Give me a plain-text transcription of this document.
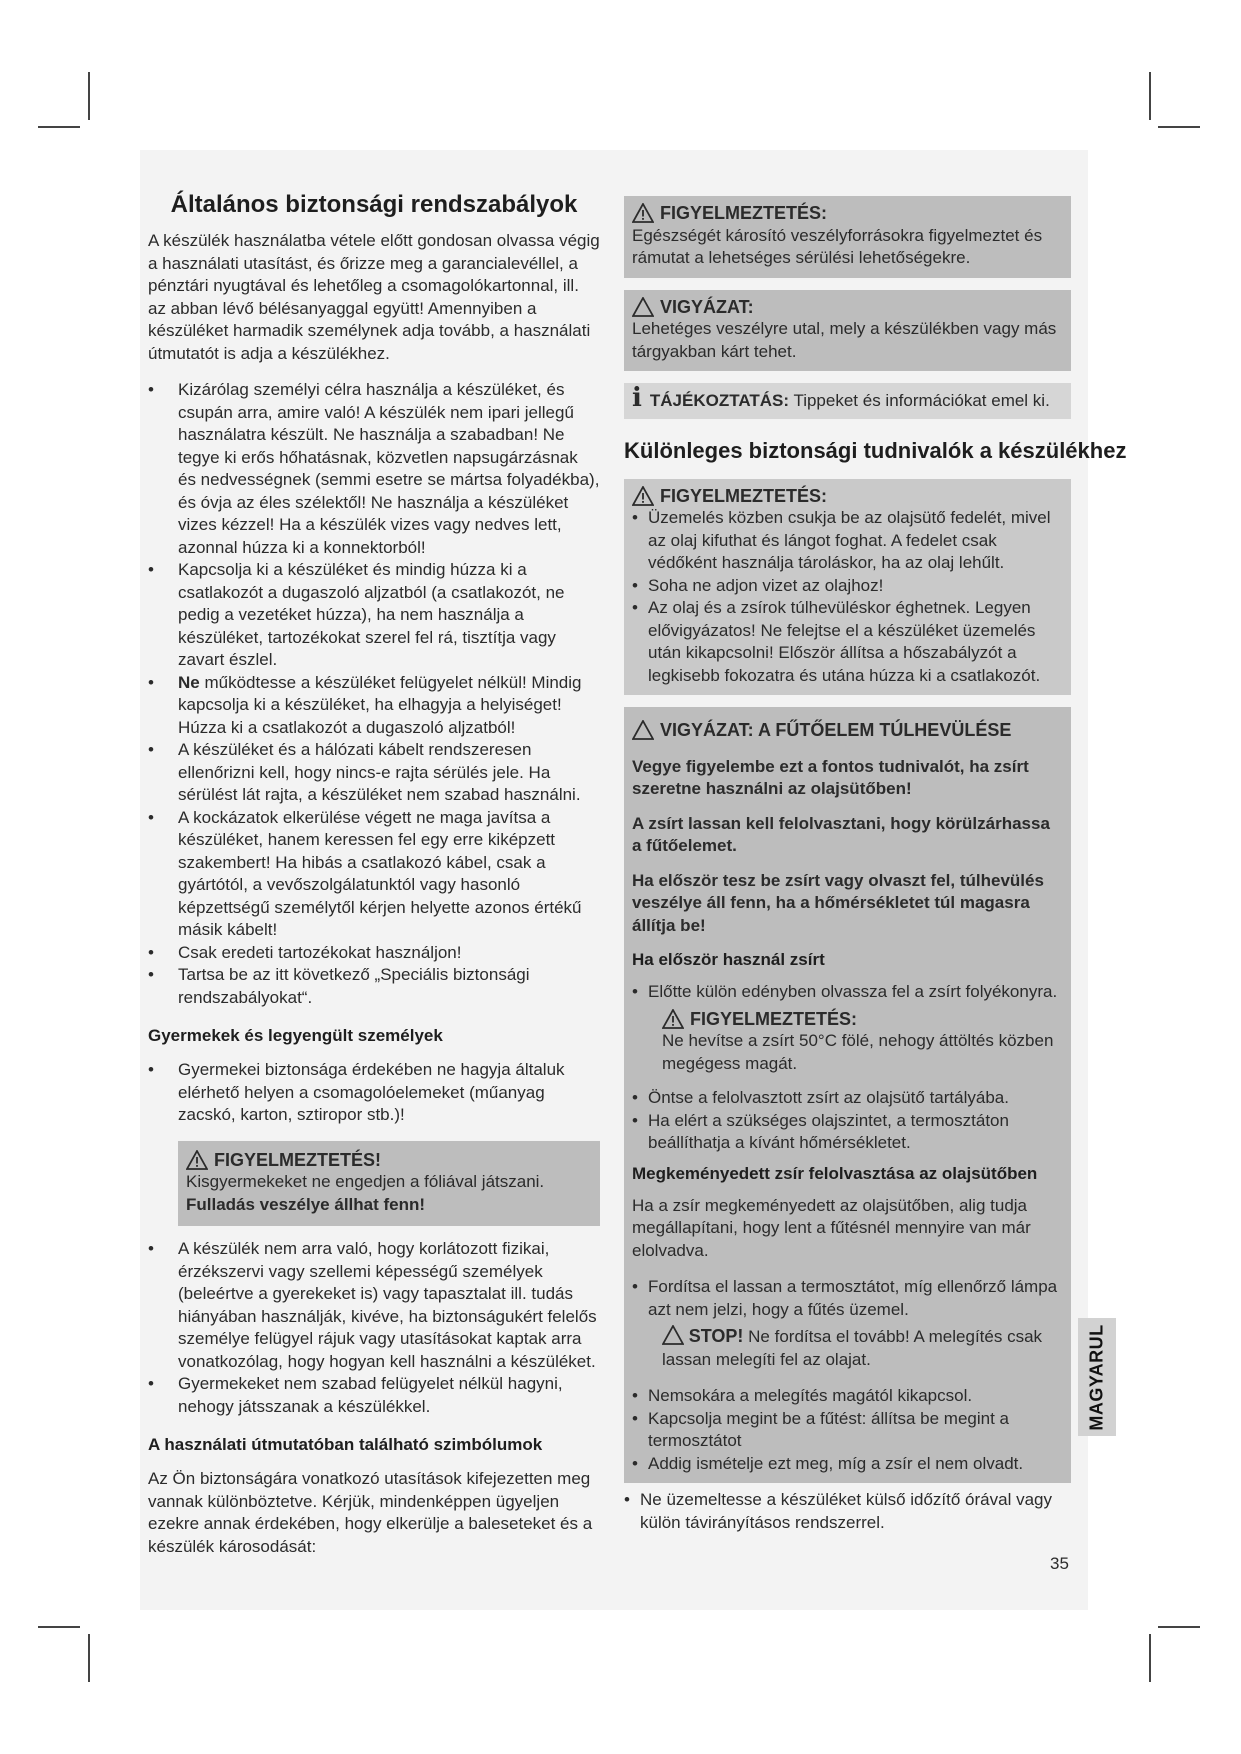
Általános biztonsági rendszabályok

A készülék használatba vétele előtt gondosan olvassa végig a használati utasítást, és őrizze meg a garancialevéllel, a pénztári nyugtával és lehetőleg a csomagolókartonnal, ill. az abban lévő bélésanyaggal együtt! Amennyiben a készüléket harmadik személynek adja tovább, a használati útmutatót is adja a készülékhez.

• Kizárólag személyi célra használja a készüléket, és csupán arra, amire való! A készülék nem ipari jellegű használatra készült. Ne használja a szabadban! Ne tegye ki erős hőhatásnak, közvetlen napsugárzásnak és nedvességnek (semmi esetre se mártsa folyadékba), és óvja az éles szélektől! Ne használja a készüléket vizes kézzel! Ha a készülék vizes vagy nedves lett, azonnal húzza ki a konnektorból!
• Kapcsolja ki a készüléket és mindig húzza ki a csatlakozót a dugaszoló aljzatból (a csatlakozót, ne pedig a vezetéket húzza), ha nem használja a készüléket, tartozékokat szerel fel rá, tisztítja vagy zavart észlel.
• Ne működtesse a készüléket felügyelet nélkül! Mindig kapcsolja ki a készüléket, ha elhagyja a helyiséget! Húzza ki a csatlakozót a dugaszoló aljzatból!
• A készüléket és a hálózati kábelt rendszeresen ellenőrizni kell, hogy nincs-e rajta sérülés jele. Ha sérülést lát rajta, a készüléket nem szabad használni.
• A kockázatok elkerülése végett ne maga javítsa a készüléket, hanem keressen fel egy erre kiképzett szakembert! Ha hibás a csatlakozó kábel, csak a gyártótól, a vevőszolgálatunktól vagy hasonló képzettségű személytől kérjen helyette azonos értékű másik kábelt!
• Csak eredeti tartozékokat használjon!
• Tartsa be az itt következő „Speciális biztonsági rendszabályokat“.
Gyermekek és legyengült személyek
• Gyermekei biztonsága érdekében ne hagyja általuk elérhető helyen a csomagolóelemeket (műanyag zacskó, karton, sztiropor stb.)!
FIGYELMEZTETÉS!
Kisgyermekeket ne engedjen a fóliával játszani. Fulladás veszélye állhat fenn!
• A készülék nem arra való, hogy korlátozott fizikai, érzékszervi vagy szellemi képességű személyek (beleértve a gyerekeket is) vagy tapasztalat ill. tudás hiányában használják, kivéve, ha biztonságukért felelős személye felügyel rájuk vagy utasításokat kaptak arra vonatkozólag, hogy hogyan kell használni a készüléket.
• Gyermekeket nem szabad felügyelet nélkül hagyni, nehogy játsszanak a készülékkel.
A használati útmutatóban található szimbólumok

Az Ön biztonságára vonatkozó utasítások kifejezetten meg vannak különböztetve. Kérjük, mindenképpen ügyeljen ezekre annak érdekében, hogy elkerülje a baleseteket és a készülék károsodását:

FIGYELMEZTETÉS:
Egészségét károsító veszélyforrásokra figyelmeztet és rámutat a lehetséges sérülési lehetőségekre.
VIGYÁZAT:
Lehetéges veszélyre utal, mely a készülékben vagy más tárgyakban kárt tehet.
iTÁJÉKOZTATÁS: Tippeket és információkat emel ki.
Különleges biztonsági tudnivalók a készülékhez
FIGYELMEZTETÉS:
• Üzemelés közben csukja be az olajsütő fedelét, mivel az olaj kifuthat és lángot foghat. A fedelet csak védőként használja tároláskor, ha az olaj lehűlt.
• Soha ne adjon vizet az olajhoz!
• Az olaj és a zsírok túlhevüléskor éghetnek. Legyen elővigyázatos! Ne felejtse el a készüléket üzemelés után kikapcsolni! Először állítsa a hőszabályzót a legkisebb fokozatra és utána húzza ki a csatlakozót.
VIGYÁZAT: A FŰTŐELEM TÚLHEVÜLÉSE

Vegye figyelembe ezt a fontos tudnivalót, ha zsírt szeretne használni az olajsütőben!

A zsírt lassan kell felolvasztani, hogy körülzárhassa a fűtőelemet.

Ha először tesz be zsírt vagy olvaszt fel, túlhevülés veszélye áll fenn, ha a hőmérsékletet túl magasra állítja be!

Ha először használ zsírt
• Előtte külön edényben olvassza fel a zsírt folyékonyra.
FIGYELMEZTETÉS:
Ne hevítse a zsírt 50°C fölé, nehogy áttöltés közben megégess magát.
• Öntse a felolvasztott zsírt az olajsütő tartályába.
• Ha elért a szükséges olajszintet, a termosztáton beállíthatja a kívánt hőmérsékletet.
Megkeményedett zsír felolvasztása az olajsütőben

Ha a zsír megkeményedett az olajsütőben, alig tudja megállapítani, hogy lent a fűtésnél mennyire van már elolvadva.

• Fordítsa el lassan a termosztátot, míg ellenőrző lámpa azt nem jelzi, hogy a fűtés üzemel.
STOP! Ne fordítsa el tovább! A melegítés csak lassan melegíti fel az olajat.
• Nemsokára a melegítés magától kikapcsol.
• Kapcsolja megint be a fűtést: állítsa be megint a termosztátot
• Addig ismételje ezt meg, míg a zsír el nem olvadt.
• Ne üzemeltesse a készüléket külső időzítő órával vagy külön távirányításos rendszerrel.
MAGYARUL
35
